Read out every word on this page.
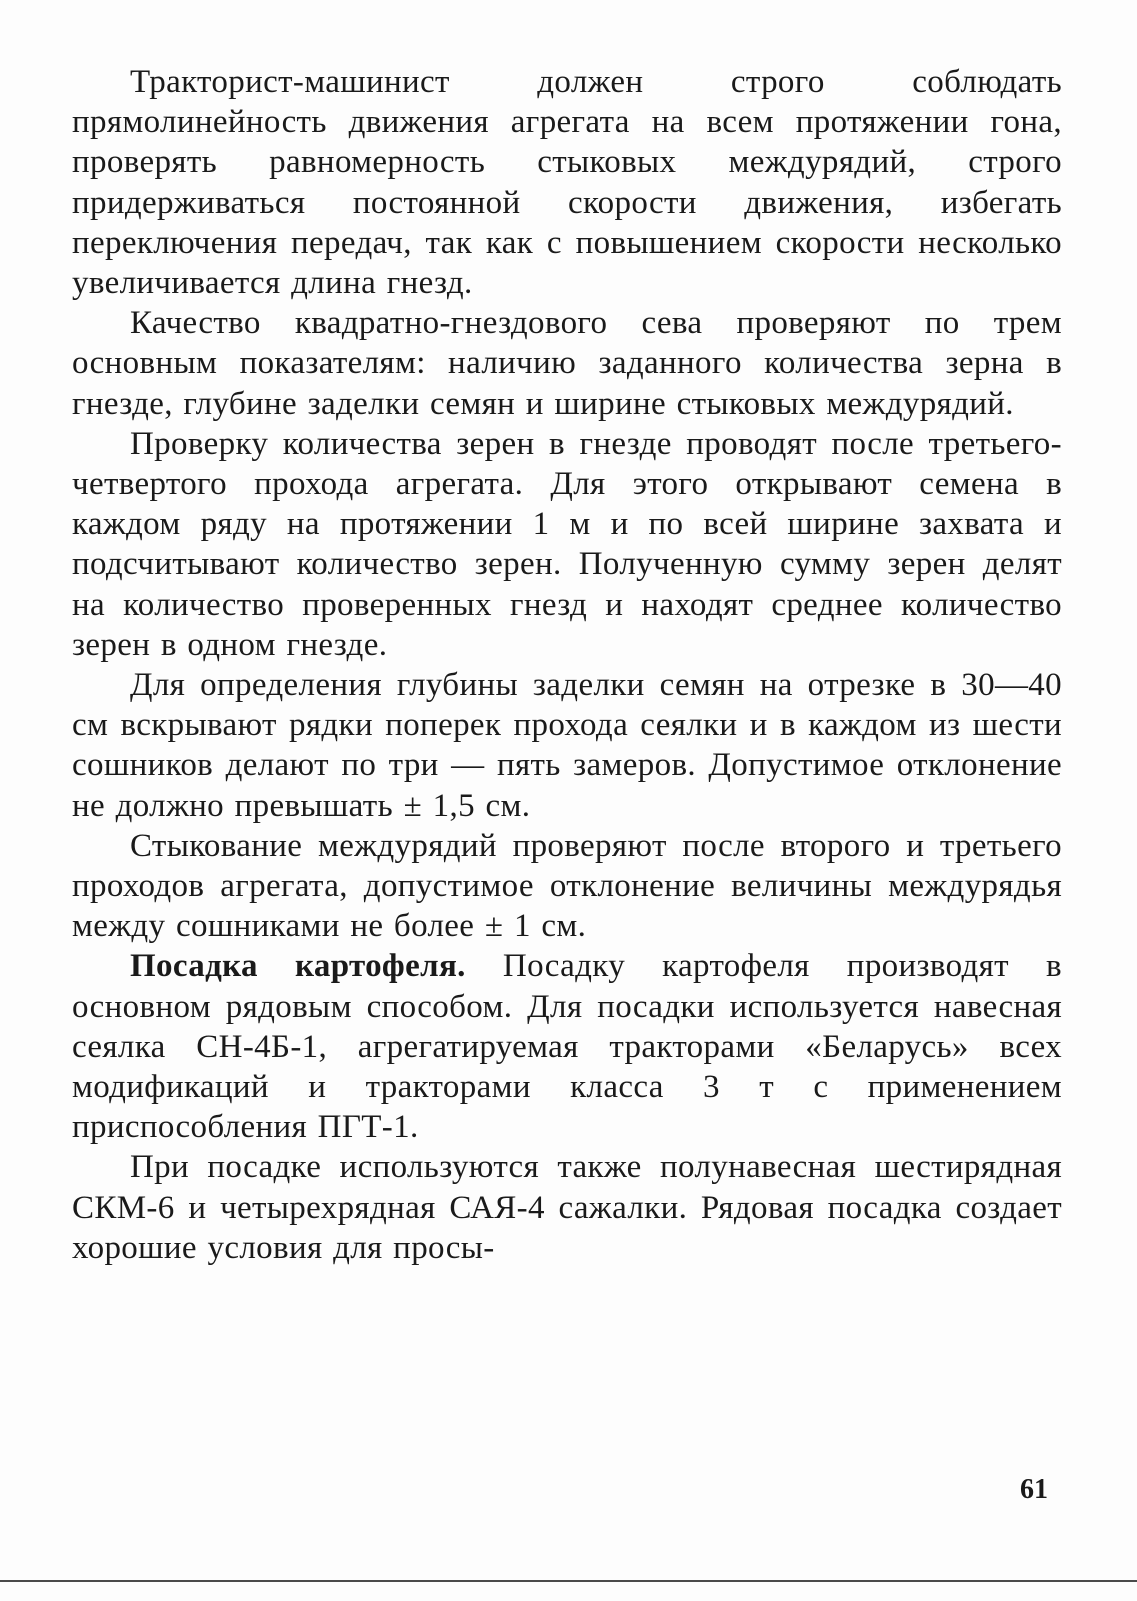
Тракторист-машинист должен строго соблюдать прямолинейность движения агрегата на всем протяжении гона, проверять равномерность стыковых междурядий, строго придерживаться постоянной скорости движения, избегать переключения передач, так как с повышением скорости несколько увеличивается длина гнезд.

Качество квадратно-гнездового сева проверяют по трем основным показателям: наличию заданного количества зерна в гнезде, глубине заделки семян и ширине стыковых междурядий.

Проверку количества зерен в гнезде проводят после третьего-четвертого прохода агрегата. Для этого открывают семена в каждом ряду на протяжении 1 м и по всей ширине захвата и подсчитывают количество зерен. Полученную сумму зерен делят на количество проверенных гнезд и находят среднее количество зерен в одном гнезде.

Для определения глубины заделки семян на отрезке в 30—40 см вскрывают рядки поперек прохода сеялки и в каждом из шести сошников делают по три — пять замеров. Допустимое отклонение не должно превышать ± 1,5 см.

Стыкование междурядий проверяют после второго и третьего проходов агрегата, допустимое отклонение величины междурядья между сошниками не более ± 1 см.

Посадка картофеля. Посадку картофеля производят в основном рядовым способом. Для посадки используется навесная сеялка СН-4Б-1, агрегатируемая тракторами «Беларусь» всех модификаций и тракторами класса 3 т с применением приспособления ПГТ-1.

При посадке используются также полунавесная шестирядная СКМ-6 и четырехрядная САЯ-4 сажалки. Рядовая посадка создает хорошие условия для просы-

61
